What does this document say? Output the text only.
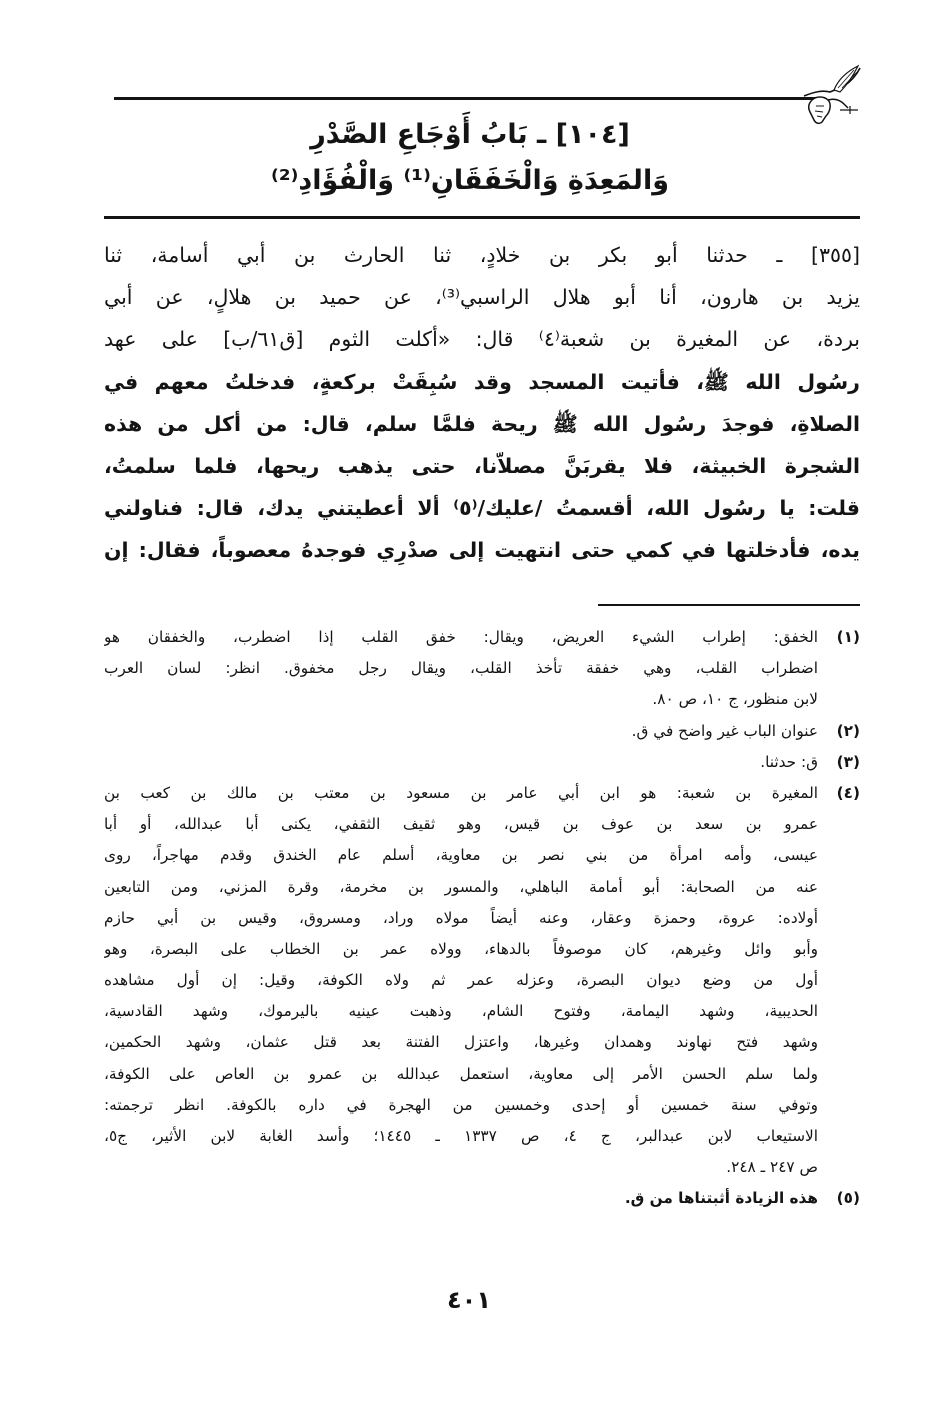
[١٠٤] ـ بَابُ أَوْجَاعِ الصَّدْرِ
وَالمَعِدَةِ وَالْخَفَقَانِ⁽¹⁾ وَالْفُؤَادِ⁽²⁾
[٣٥٥] ـ حدثنا أبو بكر بن خلادٍ، ثنا الحارث بن أبي أسامة، ثنا
يزيد بن هارون، أنا أبو هلال الراسبي⁽³⁾، عن حميد بن هلالٍ، عن أبي
بردة، عن المغيرة بن شعبة⁽٤⁾ قال: «أكلت الثوم [ق٦١/ب] على عهد
رسُول الله ﷺ، فأتيت المسجد وقد سُبِقَتْ بركعةٍ، فدخلتُ معهم في
الصلاةِ، فوجدَ رسُول الله ﷺ ريحة فلمَّا سلم، قال: من أكل من هذه
الشجرة الخبيثة، فلا يقربَنَّ مصلاّنا، حتى يذهب ريحها، فلما سلمتُ،
قلت: يا رسُول الله، أقسمتُ /عليك/⁽٥⁾ ألا أعطيتني يدك، قال: فناولني
يده، فأدخلتها في كمي حتى انتهيت إلى صدْرِي فوجدهُ معصوباً، فقال: إن
(١)
الخفق: إطراب الشيء العريض، ويقال: خفق القلب إذا اضطرب، والخفقان هو
اضطراب القلب، وهي خفقة تأخذ القلب، ويقال رجل مخفوق. انظر: لسان العرب
لابن منظور، ج ١٠، ص ٨٠.
(٢)
عنوان الباب غير واضح في ق.
(٣)
ق: حدثنا.
(٤)
المغيرة بن شعبة: هو ابن أبي عامر بن مسعود بن معتب بن مالك بن كعب بن
عمرو بن سعد بن عوف بن قيس، وهو ثقيف الثقفي، يكنى أبا عبدالله، أو أبا
عيسى، وأمه امرأة من بني نصر بن معاوية، أسلم عام الخندق وقدم مهاجراً، روى
عنه من الصحابة: أبو أمامة الباهلي، والمسور بن مخرمة، وقرة المزني، ومن التابعين
أولاده: عروة، وحمزة وعقار، وعنه أيضاً مولاه وراد، ومسروق، وقيس بن أبي حازم
وأبو وائل وغيرهم، كان موصوفاً بالدهاء، وولاه عمر بن الخطاب على البصرة، وهو
أول من وضع ديوان البصرة، وعزله عمر ثم ولاه الكوفة، وقيل: إن أول مشاهده
الحديبية، وشهد اليمامة، وفتوح الشام، وذهبت عينيه باليرموك، وشهد القادسية،
وشهد فتح نهاوند وهمدان وغيرها، واعتزل الفتنة بعد قتل عثمان، وشهد الحكمين،
ولما سلم الحسن الأمر إلى معاوية، استعمل عبدالله بن عمرو بن العاص على الكوفة،
وتوفي سنة خمسين أو إحدى وخمسين من الهجرة في داره بالكوفة. انظر ترجمته:
الاستيعاب لابن عبدالبر، ج ٤، ص ١٣٣٧ ـ ١٤٤٥؛ وأسد الغابة لابن الأثير، ج٥،
ص ٢٤٧ ـ ٢٤٨.
(٥)
هذه الزيادة أثبتناها من ق.
٤٠١
